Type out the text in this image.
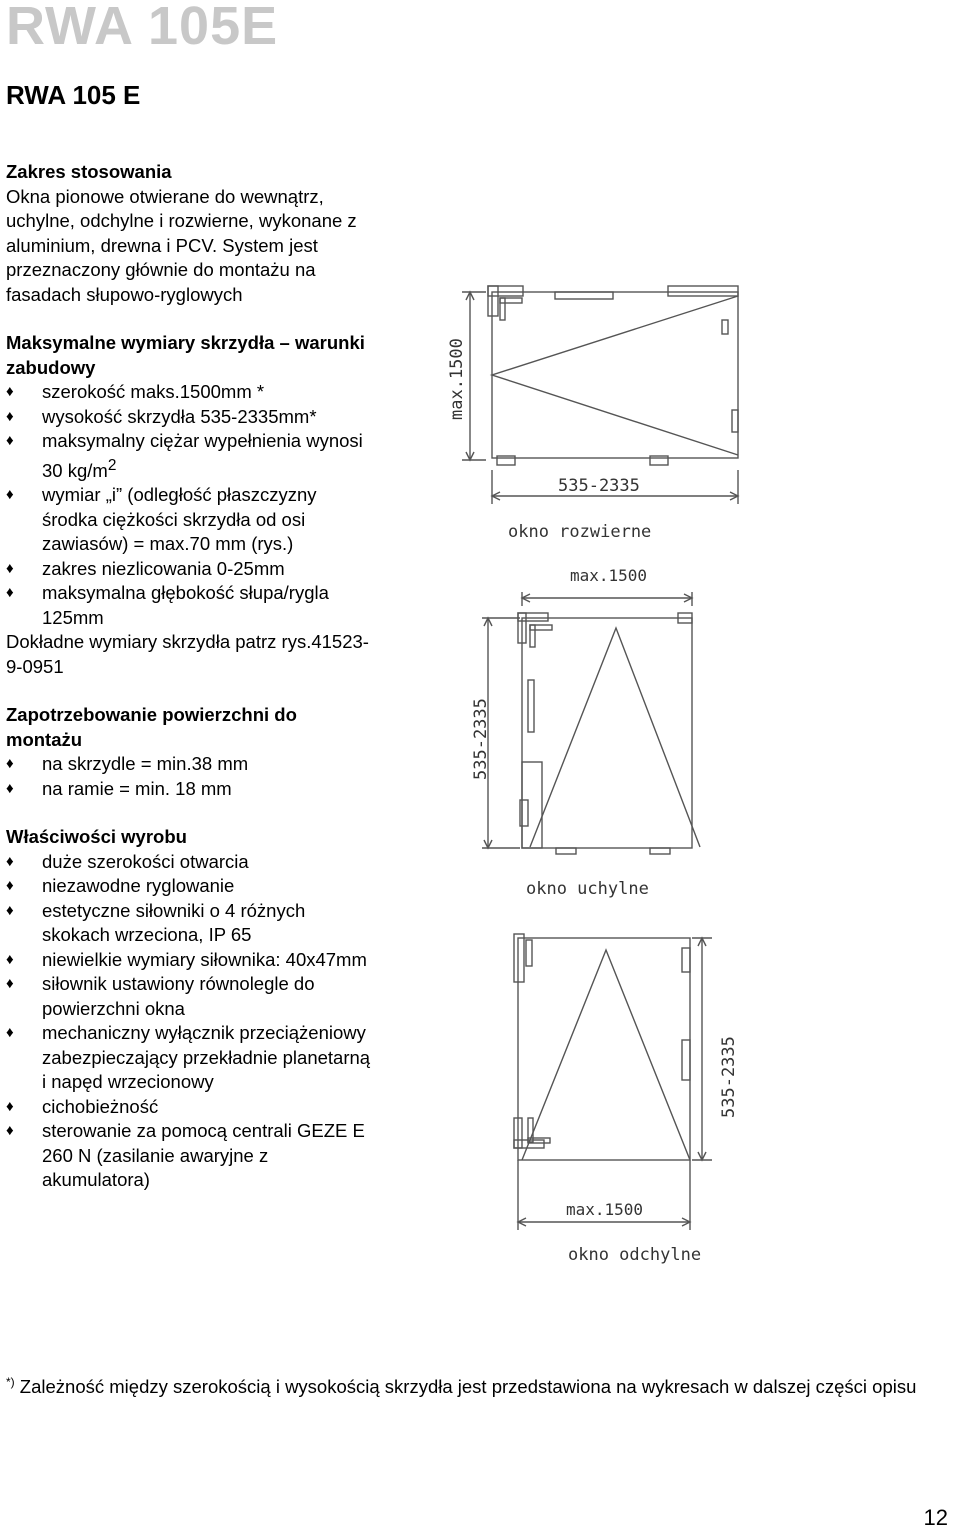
RWA 105E
RWA 105 E
Zakres stosowania

Okna pionowe otwierane do wewnątrz, uchylne, odchylne i rozwierne, wykonane z aluminium, drewna i PCV. System jest przeznaczony głównie do montażu na fasadach słupowo-ryglowych

Maksymalne wymiary skrzydła – warunki zabudowy
♦ szerokość maks.1500mm *
♦ wysokość skrzydła 535-2335mm*
♦ maksymalny ciężar wypełnienia wynosi 30 $kg/m^2$
♦ wymiar „i” (odległość płaszczyzny środka ciężkości skrzydła od osi zawiasów) = max.70 mm (rys.)
♦ zakres niezlicowania 0-25mm
♦ maksymalna głębokość słupa/rygla 125mm

Dokładne wymiary skrzydła patrz rys.41523-9-0951

Zapotrzebowanie powierzchni do montażu
♦ na skrzydle = min.38 mm
♦ na ramie = min. 18 mm
Właściwości wyrobu
♦ duże szerokości otwarcia
♦ niezawodne ryglowanie
♦ estetyczne siłowniki o 4 różnych skokach wrzeciona, IP 65
♦ niewielkie wymiary siłownika: 40x47mm
♦ siłownik ustawiony równolegle do powierzchni okna
♦ mechaniczny wyłącznik przeciążeniowy zabezpieczający przekładnie planetarną i napęd wrzecionowy
♦ cichobieżność
♦ sterowanie za pomocą centrali GEZE E 260 N (zasilanie awaryjne z akumulatora)
max.1500
535-2335
okno rozwierne
max.1500
535-2335
okno uchylne
535-2335
max.1500
okno odchylne
*) Zależność między szerokością i wysokością skrzydła jest przedstawiona na wykresach w dalszej części opisu
12
